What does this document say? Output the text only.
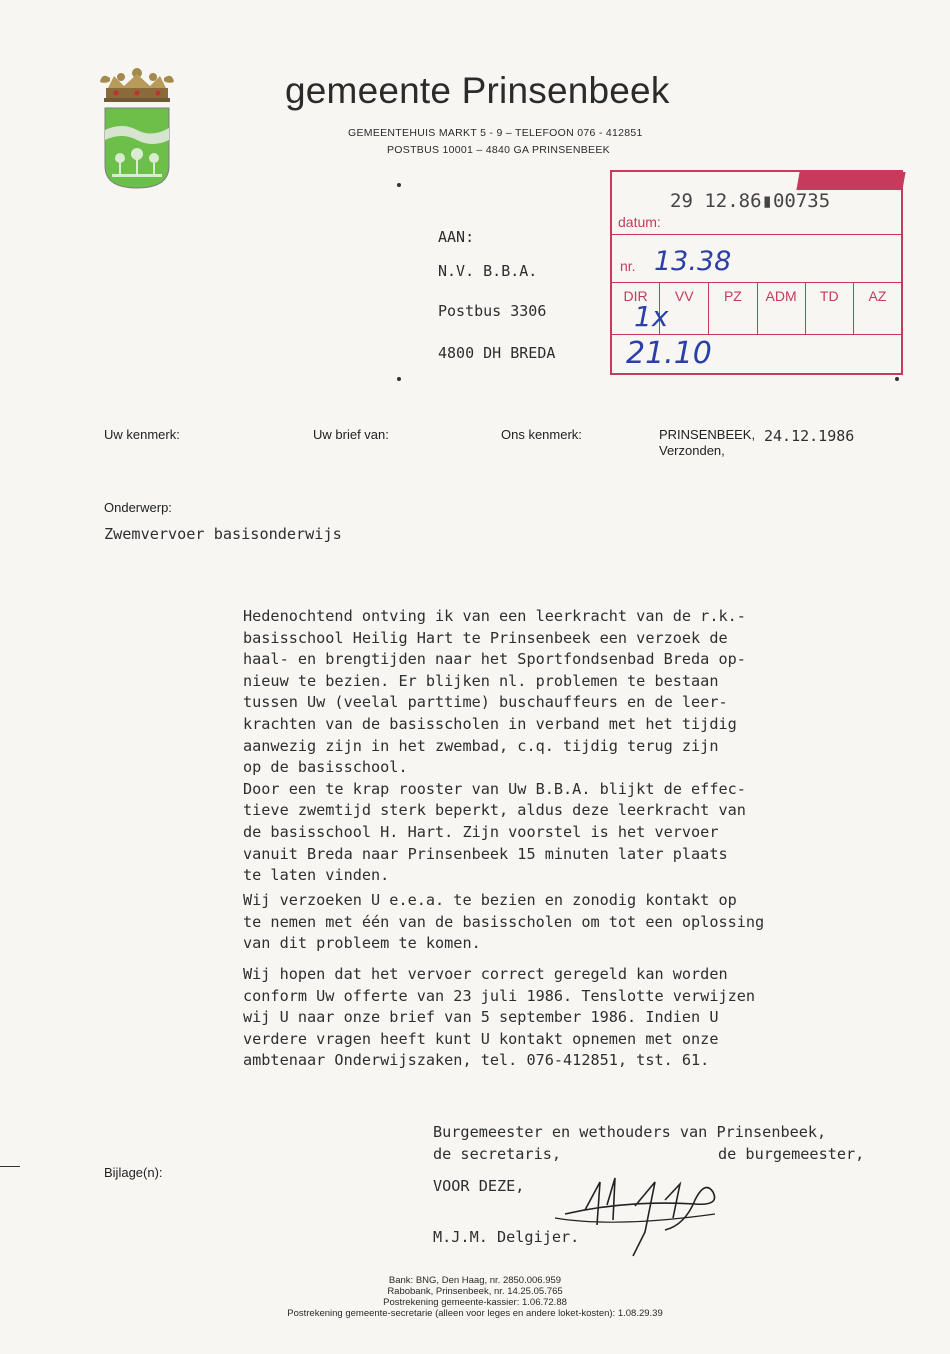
gemeente Prinsenbeek
GEMEENTEHUIS MARKT 5 - 9 – TELEFOON 076 - 412851
POSTBUS 10001 – 4840 GA PRINSENBEEK
AAN:
N.V. B.B.A.
Postbus 3306
4800 DH BREDA
29 12.86▮00735
datum:
nr. 13.38
DIR	VV	PZ	ADM	TD	AZ
1x
21.10
Uw kenmerk:	Uw brief van:	Ons kenmerk:	PRINSENBEEK, 24.12.1986
Verzonden,
Onderwerp:
Zwemvervoer basisonderwijs
Hedenochtend ontving ik van een leerkracht van de r.k.-
basisschool Heilig Hart te Prinsenbeek een verzoek de
haal- en brengtijden naar het Sportfondsenbad Breda op-
nieuw te bezien. Er blijken nl. problemen te bestaan
tussen Uw (veelal parttime) buschauffeurs en de leer-
krachten van de basisscholen in verband met het tijdig
aanwezig zijn in het zwembad, c.q. tijdig terug zijn
op de basisschool.
Door een te krap rooster van Uw B.B.A. blijkt de effec-
tieve zwemtijd sterk beperkt, aldus deze leerkracht van
de basisschool H. Hart. Zijn voorstel is het vervoer
vanuit Breda naar Prinsenbeek 15 minuten later plaats
te laten vinden.
Wij verzoeken U e.e.a. te bezien en zonodig kontakt op
te nemen met één van de basisscholen om tot een oplossing
van dit probleem te komen.
Wij hopen dat het vervoer correct geregeld kan worden
conform Uw offerte van 23 juli 1986. Tenslotte verwijzen
wij U naar onze brief van 5 september 1986. Indien U
verdere vragen heeft kunt U kontakt opnemen met onze
ambtenaar Onderwijszaken, tel. 076-412851, tst. 61.
Burgemeester en wethouders van Prinsenbeek,
de secretaris,	de burgemeester,
VOOR DEZE,
M.J.M. Delgijer.
Bijlage(n):
Bank: BNG, Den Haag, nr. 2850.006.959
Rabobank, Prinsenbeek, nr. 14.25.05.765
Postrekening gemeente-kassier: 1.06.72.88
Postrekening gemeente-secretarie (alleen voor leges en andere loket-kosten): 1.08.29.39
